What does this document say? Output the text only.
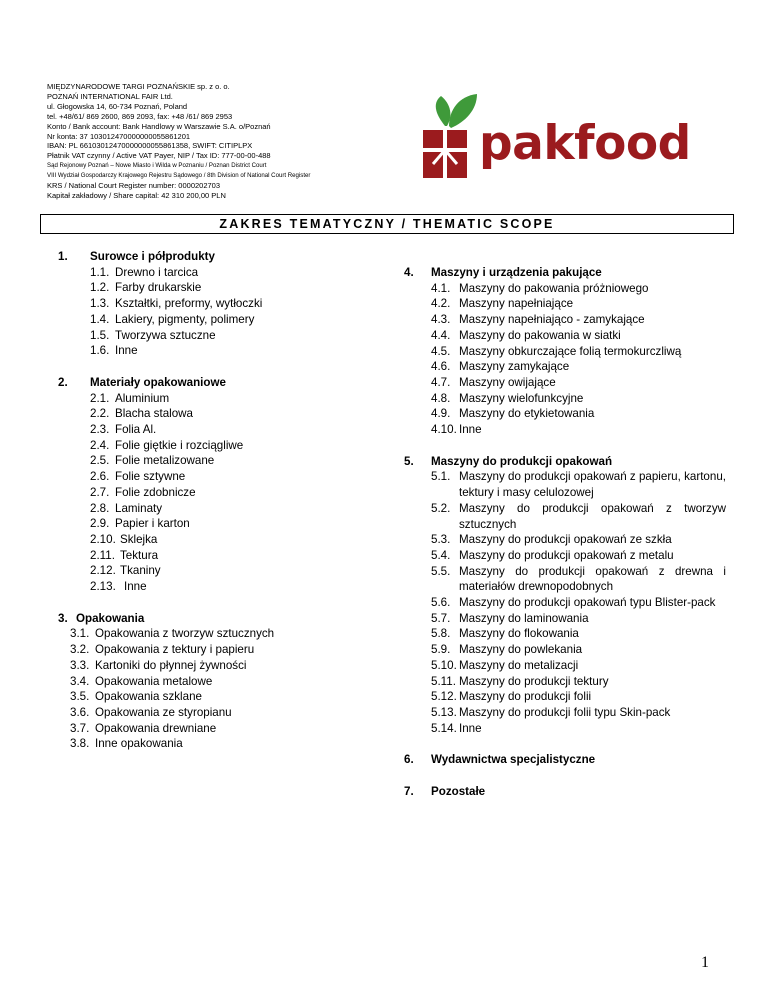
MIĘDZYNARODOWE TARGI POZNAŃSKIE sp. z o. o.
POZNAŃ INTERNATIONAL FAIR Ltd.
ul. Głogowska 14, 60-734 Poznań, Poland
tel. +48/61/ 869 2600, 869 2093, fax: +48 /61/ 869 2953
Konto / Bank account: Bank Handlowy w Warszawie S.A. o/Poznań
Nr konta: 37 103012470000000055861201
IBAN: PL 66103012470000000055861358, SWIFT: CITIPLPX
Płatnik VAT czynny / Active VAT Payer, NIP / Tax ID: 777-00-00-488
Sąd Rejonowy Poznań – Nowe Miasto i Wilda w Poznaniu / Poznan District Court
VIII Wydział Gospodarczy Krajowego Rejestru Sądowego / 8th Division of National Court Register
KRS / National Court Register number: 0000202703
Kapitał zakładowy / Share capital: 42 310 200,00 PLN
pakfood
ZAKRES TEMATYCZNY / THEMATIC SCOPE
1. Surowce i półprodukty
1.1. Drewno i tarcica
1.2. Farby drukarskie
1.3. Kształtki, preformy, wytłoczki
1.4. Lakiery, pigmenty, polimery
1.5. Tworzywa sztuczne
1.6. Inne
2. Materiały opakowaniowe
2.1. Aluminium
2.2. Blacha stalowa
2.3. Folia Al.
2.4. Folie giętkie i rozciągliwe
2.5. Folie metalizowane
2.6. Folie sztywne
2.7. Folie zdobnicze
2.8. Laminaty
2.9. Papier i karton
2.10. Sklejka
2.11. Tektura
2.12. Tkaniny
2.13. Inne
3. Opakowania
3.1. Opakowania z tworzyw sztucznych
3.2. Opakowania z tektury i papieru
3.3. Kartoniki do płynnej żywności
3.4. Opakowania metalowe
3.5. Opakowania szklane
3.6. Opakowania ze styropianu
3.7. Opakowania drewniane
3.8. Inne opakowania
4. Maszyny i urządzenia pakujące
4.1. Maszyny do pakowania próżniowego
4.2. Maszyny napełniające
4.3. Maszyny napełniająco - zamykające
4.4. Maszyny do pakowania w siatki
4.5. Maszyny obkurczające folią termokurczliwą
4.6. Maszyny zamykające
4.7. Maszyny owijające
4.8. Maszyny wielofunkcyjne
4.9. Maszyny do etykietowania
4.10. Inne
5. Maszyny do produkcji opakowań
5.1. Maszyny do produkcji opakowań z papieru, kartonu, tektury i masy celulozowej
5.2. Maszyny do produkcji opakowań z tworzyw sztucznych
5.3. Maszyny do produkcji opakowań ze szkła
5.4. Maszyny do produkcji opakowań z metalu
5.5. Maszyny do produkcji opakowań z drewna i materiałów drewnopodobnych
5.6. Maszyny do produkcji opakowań typu Blister-pack
5.7. Maszyny do laminowania
5.8. Maszyny do flokowania
5.9. Maszyny do powlekania
5.10. Maszyny do metalizacji
5.11. Maszyny do produkcji tektury
5.12. Maszyny do produkcji folii
5.13. Maszyny do produkcji folii typu Skin-pack
5.14. Inne
6. Wydawnictwa specjalistyczne
7. Pozostałe
1
